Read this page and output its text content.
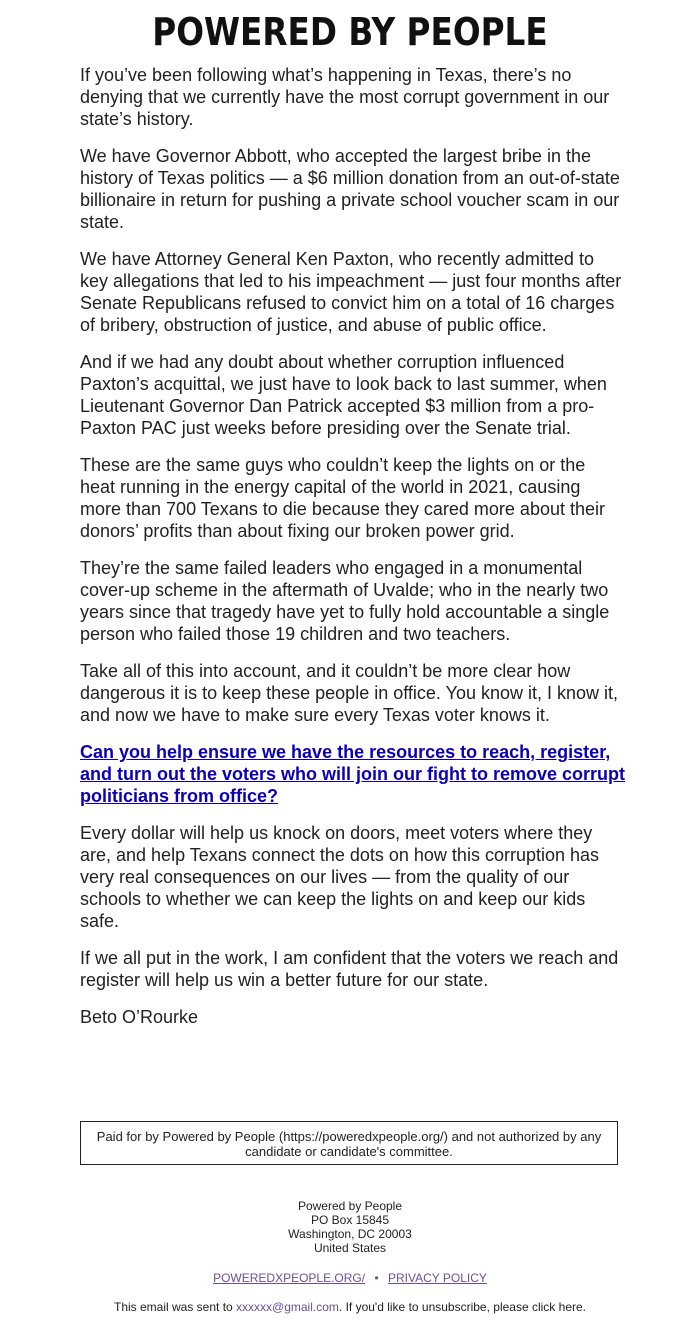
POWERED BY PEOPLE

If you’ve been following what’s happening in Texas, there’s no denying that we currently have the most corrupt government in our state’s history.

We have Governor Abbott, who accepted the largest bribe in the history of Texas politics — a $6 million donation from an out-of-state billionaire in return for pushing a private school voucher scam in our state.

We have Attorney General Ken Paxton, who recently admitted to key allegations that led to his impeachment — just four months after Senate Republicans refused to convict him on a total of 16 charges of bribery, obstruction of justice, and abuse of public office.

And if we had any doubt about whether corruption influenced Paxton’s acquittal, we just have to look back to last summer, when Lieutenant Governor Dan Patrick accepted $3 million from a pro-Paxton PAC just weeks before presiding over the Senate trial.

These are the same guys who couldn’t keep the lights on or the heat running in the energy capital of the world in 2021, causing more than 700 Texans to die because they cared more about their donors’ profits than about fixing our broken power grid.

They’re the same failed leaders who engaged in a monumental cover-up scheme in the aftermath of Uvalde; who in the nearly two years since that tragedy have yet to fully hold accountable a single person who failed those 19 children and two teachers.

Take all of this into account, and it couldn’t be more clear how dangerous it is to keep these people in office. You know it, I know it, and now we have to make sure every Texas voter knows it.

Can you help ensure we have the resources to reach, register, and turn out the voters who will join our fight to remove corrupt politicians from office?

Every dollar will help us knock on doors, meet voters where they are, and help Texans connect the dots on how this corruption has very real consequences on our lives — from the quality of our schools to whether we can keep the lights on and keep our kids safe.

If we all put in the work, I am confident that the voters we reach and register will help us win a better future for our state.

Beto O’Rourke

Paid for by Powered by People (https://poweredxpeople.org/) and not authorized by any candidate or candidate's committee.
Powered by People
PO Box 15845
Washington, DC 20003
United States
POWEREDXPEOPLE.ORG/ • PRIVACY POLICY
This email was sent to xxxxxx@gmail.com. If you'd like to unsubscribe, please click here.
